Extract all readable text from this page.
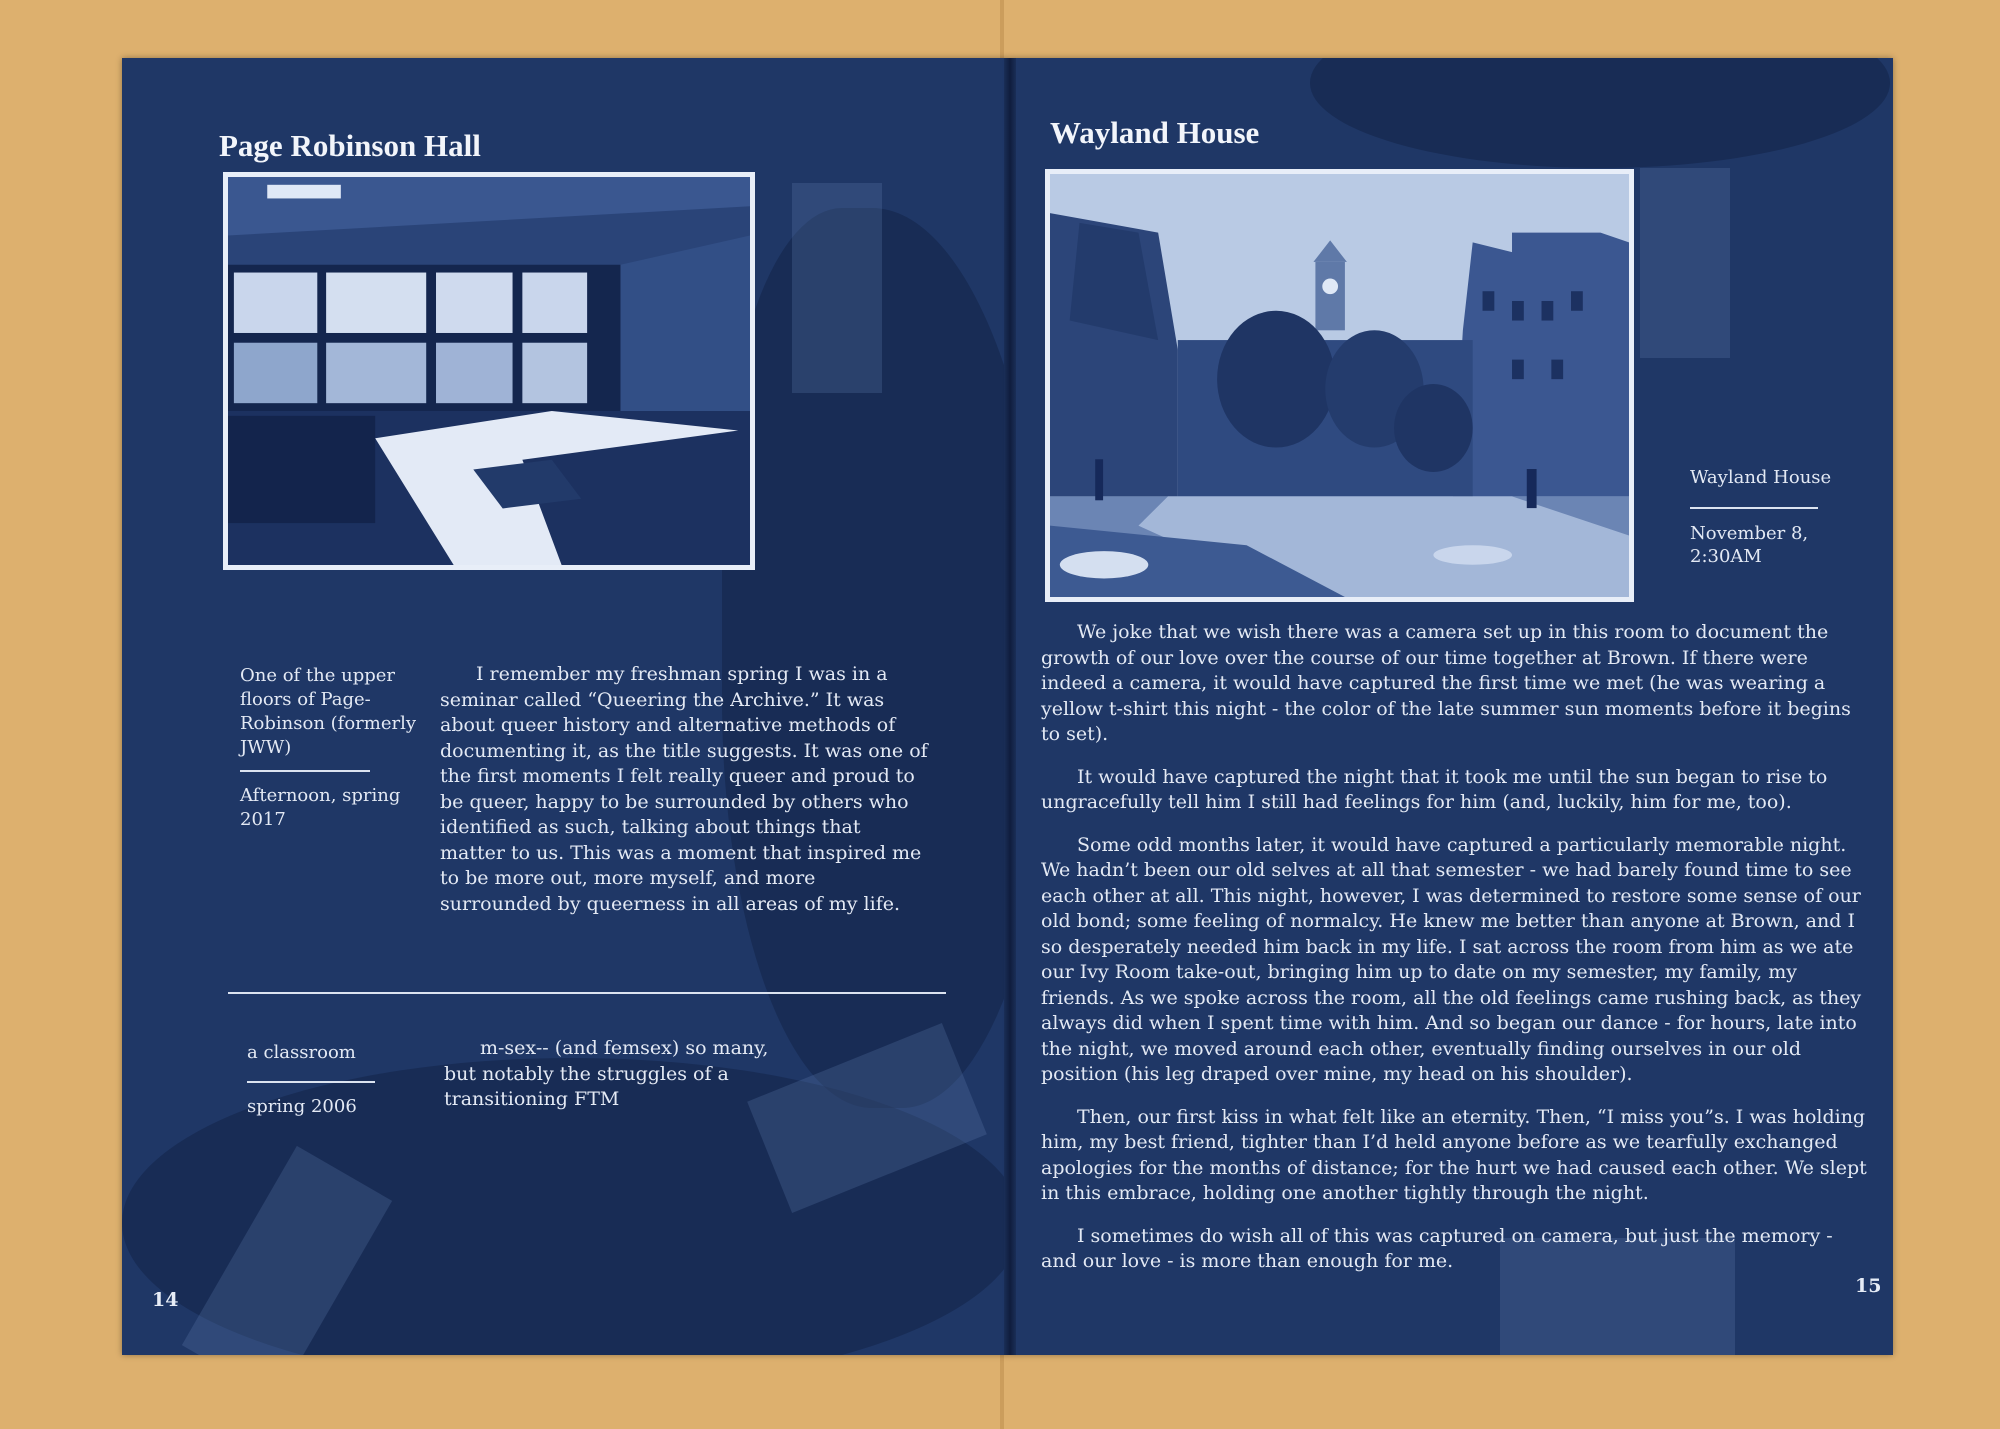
Page Robinson Hall
One of the upper floors of Page-Robinson (formerly JWW)
Afternoon, spring 2017

I remember my freshman spring I was in a seminar called “Queering the Archive.” It was about queer history and alternative methods of documenting it, as the title suggests. It was one of the first moments I felt really queer and proud to be queer, happy to be surrounded by others who identified as such, talking about things that matter to us. This was a moment that inspired me to be more out, more myself, and more surrounded by queerness in all areas of my life.

a classroom
spring 2006

m-sex-- (and femsex) so many, but notably the struggles of a transitioning FTM

14
Wayland House
Wayland House
November 8,
2:30AM

We joke that we wish there was a camera set up in this room to document the growth of our love over the course of our time together at Brown. If there were indeed a camera, it would have captured the first time we met (he was wearing a yellow t-shirt this night - the color of the late summer sun moments before it begins to set).

It would have captured the night that it took me until the sun began to rise to ungracefully tell him I still had feelings for him (and, luckily, him for me, too).

Some odd months later, it would have captured a particularly memorable night. We hadn’t been our old selves at all that semester - we had barely found time to see each other at all. This night, however, I was determined to restore some sense of our old bond; some feeling of normalcy. He knew me better than anyone at Brown, and I so desperately needed him back in my life. I sat across the room from him as we ate our Ivy Room take-out, bringing him up to date on my semester, my family, my friends. As we spoke across the room, all the old feelings came rushing back, as they always did when I spent time with him. And so began our dance - for hours, late into the night, we moved around each other, eventually finding ourselves in our old position (his leg draped over mine, my head on his shoulder).

Then, our first kiss in what felt like an eternity. Then, “I miss you”s. I was holding him, my best friend, tighter than I’d held anyone before as we tearfully exchanged apologies for the months of distance; for the hurt we had caused each other. We slept in this embrace, holding one another tightly through the night.

I sometimes do wish all of this was captured on camera, but just the memory - and our love - is more than enough for me.

15
